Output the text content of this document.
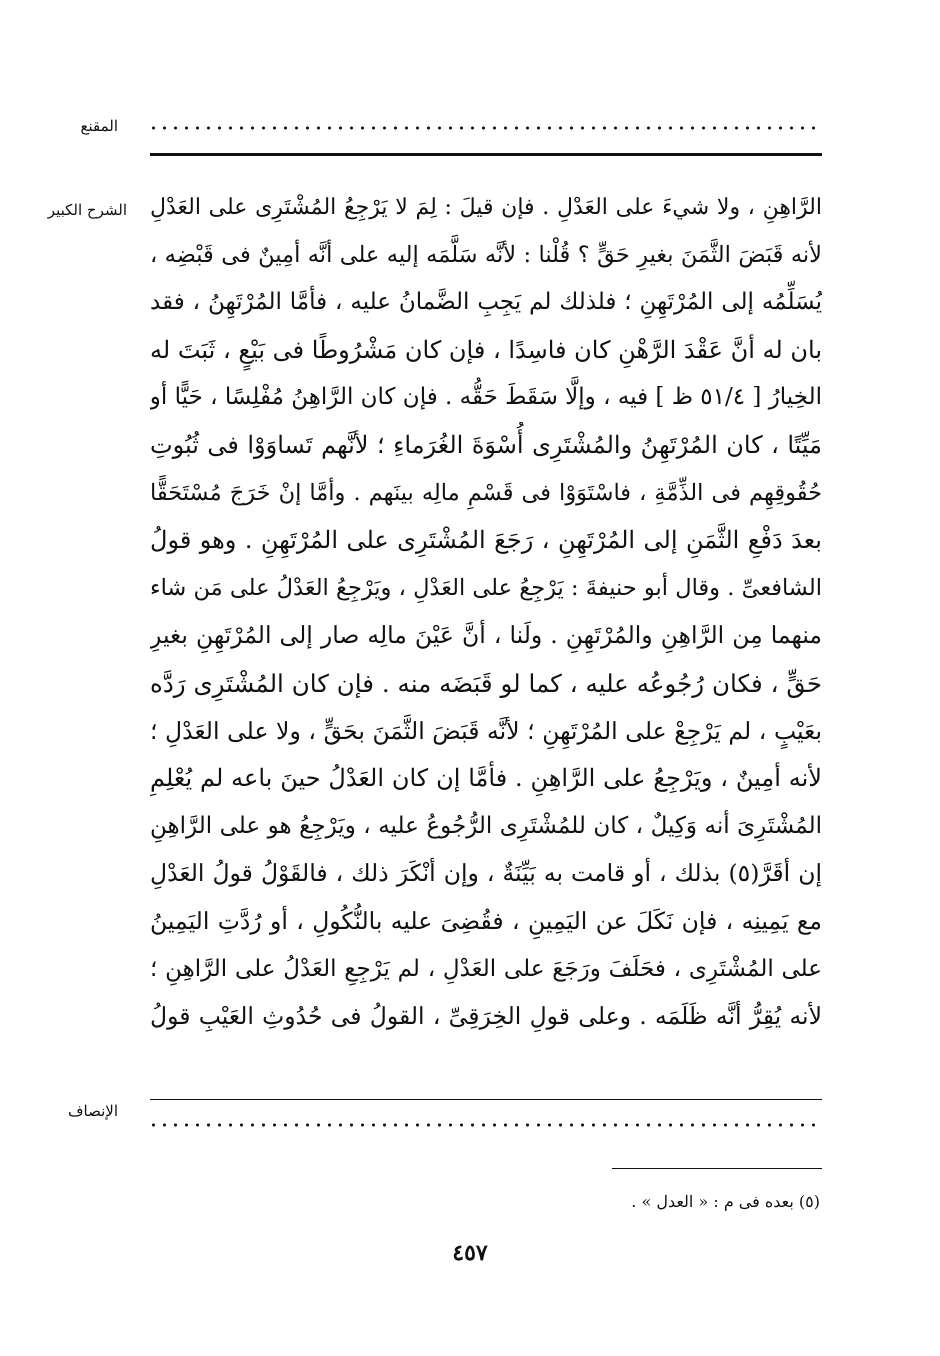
المقنع
الشرح الكبير الرَّاهِنِ ، ولا شيءَ على العَدْلِ . فإن قيلَ : لِمَ لا يَرْجِعُ المُشْتَرِى على العَدْلِ
لأنه قَبَضَ الثَّمَنَ بغيرِ حَقٍّ ؟ قُلْنا : لأنَّه سَلَّمَه إليه على أنَّه أمِينٌ فى قَبْضِه ،
يُسَلِّمُه إلى المُرْتَهِنِ ؛ فلذلك لم يَجِبِ الضَّمانُ عليه ، فأمَّا المُرْتَهِنُ ، فقد
بان له أنَّ عَقْدَ الرَّهْنِ كان فاسِدًا ، فإن كان مَشْرُوطًا فى بَيْعٍ ، ثَبَتَ له
الخِيارُ [ ٥١/٤ ظ ] فيه ، وإلَّا سَقَطَ حَقُّه . فإن كان الرَّاهِنُ مُفْلِسًا ، حَيًّا أو
مَيِّتًا ، كان المُرْتَهِنُ والمُشْتَرِى أُسْوَةَ الغُرَماءِ ؛ لأنَّهم تَساوَوْا فى ثُبُوتِ
حُقُوقِهِم فى الذِّمَّةِ ، فاسْتَوَوْا فى قَسْمِ مالِه بينَهم . وأمَّا إنْ خَرَجَ مُسْتَحَقًّا
بعدَ دَفْعِ الثَّمَنِ إلى المُرْتَهِنِ ، رَجَعَ المُشْتَرِى على المُرْتَهِنِ . وهو قولُ
الشافعىِّ . وقال أبو حنيفةَ : يَرْجِعُ على العَدْلِ ، ويَرْجِعُ العَدْلُ على مَن شاء
منهما مِن الرَّاهِنِ والمُرْتَهِنِ . ولَنا ، أنَّ عَيْنَ مالِه صار إلى المُرْتَهِنِ بغيرِ
حَقٍّ ، فكان رُجُوعُه عليه ، كما لو قَبَضَه منه . فإن كان المُشْتَرِى رَدَّه
بعَيْبٍ ، لم يَرْجِعْ على المُرْتَهِنِ ؛ لأنَّه قَبَضَ الثَّمَنَ بحَقٍّ ، ولا على العَدْلِ ؛
لأنه أمِينٌ ، ويَرْجِعُ على الرَّاهِنِ . فأمَّا إن كان العَدْلُ حينَ باعه لم يُعْلِمِ
المُشْتَرِىَ أنه وَكِيلٌ ، كان للمُشْتَرِى الرُّجُوعُ عليه ، ويَرْجِعُ هو على الرَّاهِنِ
إن أقَرَّ(٥) بذلك ، أو قامت به بَيِّنَةٌ ، وإن أنْكَرَ ذلك ، فالقَوْلُ قولُ العَدْلِ
مع يَمِينِه ، فإن نَكَلَ عن اليَمِينِ ، فقُضِىَ عليه بالنُّكُولِ ، أو رُدَّتِ اليَمِينُ
على المُشْتَرِى ، فحَلَفَ ورَجَعَ على العَدْلِ ، لم يَرْجِعِ العَدْلُ على الرَّاهِنِ ؛
لأنه يُقِرُّ أنَّه ظَلَمَه . وعلى قولِ الخِرَقِىِّ ، القولُ فى حُدُوثِ العَيْبِ قولُ
الإنصاف
(٥) بعده فى م : « العدل » .
٤٥٧
